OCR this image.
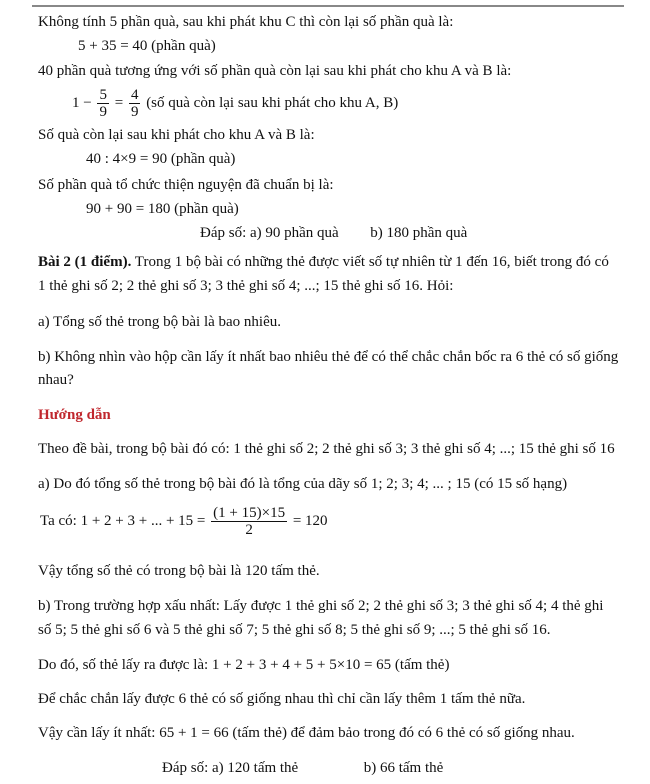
Không tính 5 phần quà, sau khi phát khu C thì còn lại số phần quà là:
5 + 35 = 40 (phần quà)
40 phần quà tương ứng với số phần quà còn lại sau khi phát cho khu A và B là:
$1 - \frac{5}{9} = \frac{4}{9}$ (số quà còn lại sau khi phát cho khu A, B)
Số quà còn lại sau khi phát cho khu A và B là:
40 : 4×9 = 90 (phần quà)
Số phần quà tổ chức thiện nguyện đã chuẩn bị là:
90 + 90 = 180 (phần quà)
Đáp số: a) 90 phần quà b) 180 phần quà
Bài 2 (1 điểm). Trong 1 bộ bài có những thẻ được viết số tự nhiên từ 1 đến 16, biết trong đó có
1 thẻ ghi số 2; 2 thẻ ghi số 3; 3 thẻ ghi số 4; ...; 15 thẻ ghi số 16. Hỏi:
a) Tổng số thẻ trong bộ bài là bao nhiêu.
b) Không nhìn vào hộp cần lấy ít nhất bao nhiêu thẻ để có thể chắc chắn bốc ra 6 thẻ có số giống
nhau?
Hướng dẫn
Theo đề bài, trong bộ bài đó có: 1 thẻ ghi số 2; 2 thẻ ghi số 3; 3 thẻ ghi số 4; ...; 15 thẻ ghi số 16
a) Do đó tổng số thẻ trong bộ bài đó là tổng của dãy số 1; 2; 3; 4; ... ; 15 (có 15 số hạng)
Ta có: 1 + 2 + 3 + ... + $15 = \frac{(1 + 15)\times 15}{2} = 120$
Vậy tổng số thẻ có trong bộ bài là 120 tấm thẻ.
b) Trong trường hợp xấu nhất: Lấy được 1 thẻ ghi số 2; 2 thẻ ghi số 3; 3 thẻ ghi số 4; 4 thẻ ghi
số 5; 5 thẻ ghi số 6 và 5 thẻ ghi số 7; 5 thẻ ghi số 8; 5 thẻ ghi số 9; ...; 5 thẻ ghi số 16.
Do đó, số thẻ lấy ra được là: 1 + 2 + 3 + 4 + 5 + 5×10 = 65 (tấm thẻ)
Để chắc chắn lấy được 6 thẻ có số giống nhau thì chỉ cần lấy thêm 1 tấm thẻ nữa.
Vậy cần lấy ít nhất: 65 + 1 = 66 (tấm thẻ) để đảm bảo trong đó có 6 thẻ có số giống nhau.
Đáp số: a) 120 tấm thẻ	b) 66 tấm thẻ
